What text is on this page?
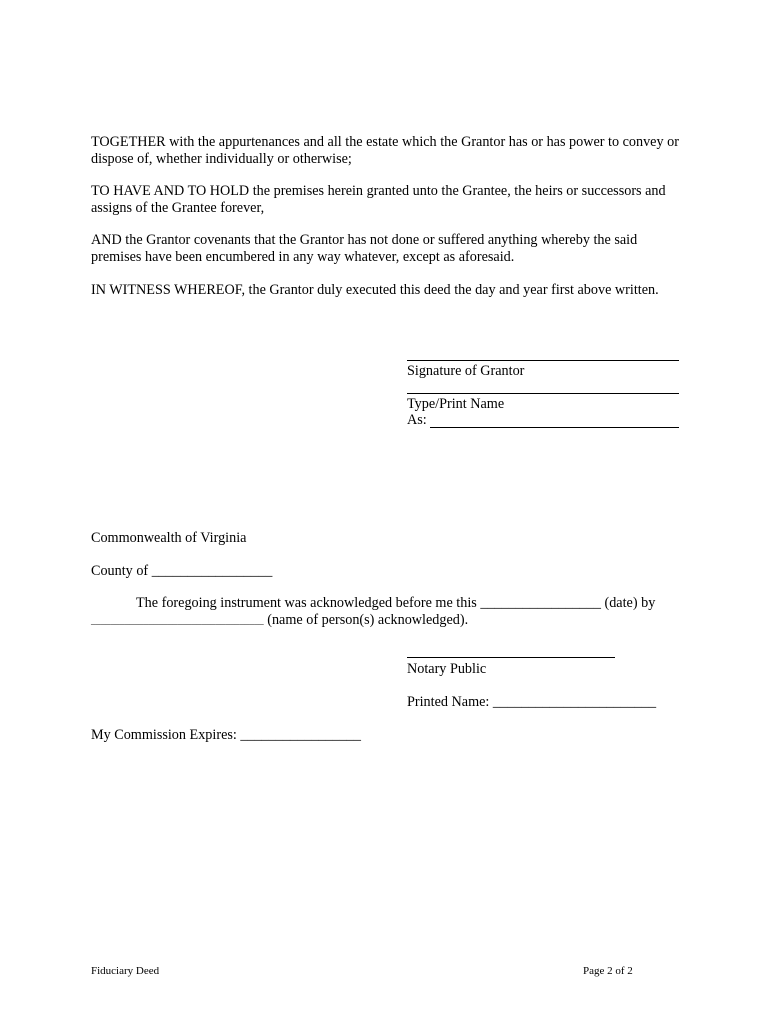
TOGETHER with the appurtenances and all the estate which the Grantor has or has power to convey or dispose of, whether individually or otherwise;

TO HAVE AND TO HOLD the premises herein granted unto the Grantee, the heirs or successors and assigns of the Grantee forever,

AND the Grantor covenants that the Grantor has not done or suffered anything whereby the said premises have been encumbered in any way whatever, except as aforesaid.

IN WITNESS WHEREOF, the Grantor duly executed this deed the day and year first above written.

Signature of Grantor
Type/Print Name
As:
Commonwealth of Virginia
County of _________________
The foregoing instrument was acknowledged before me this _________________ (date) by
____________________________________ (name of person(s) acknowledged).
Notary Public
Printed Name: _______________________
My Commission Expires: _________________
Fiduciary Deed	Page 2 of 2
